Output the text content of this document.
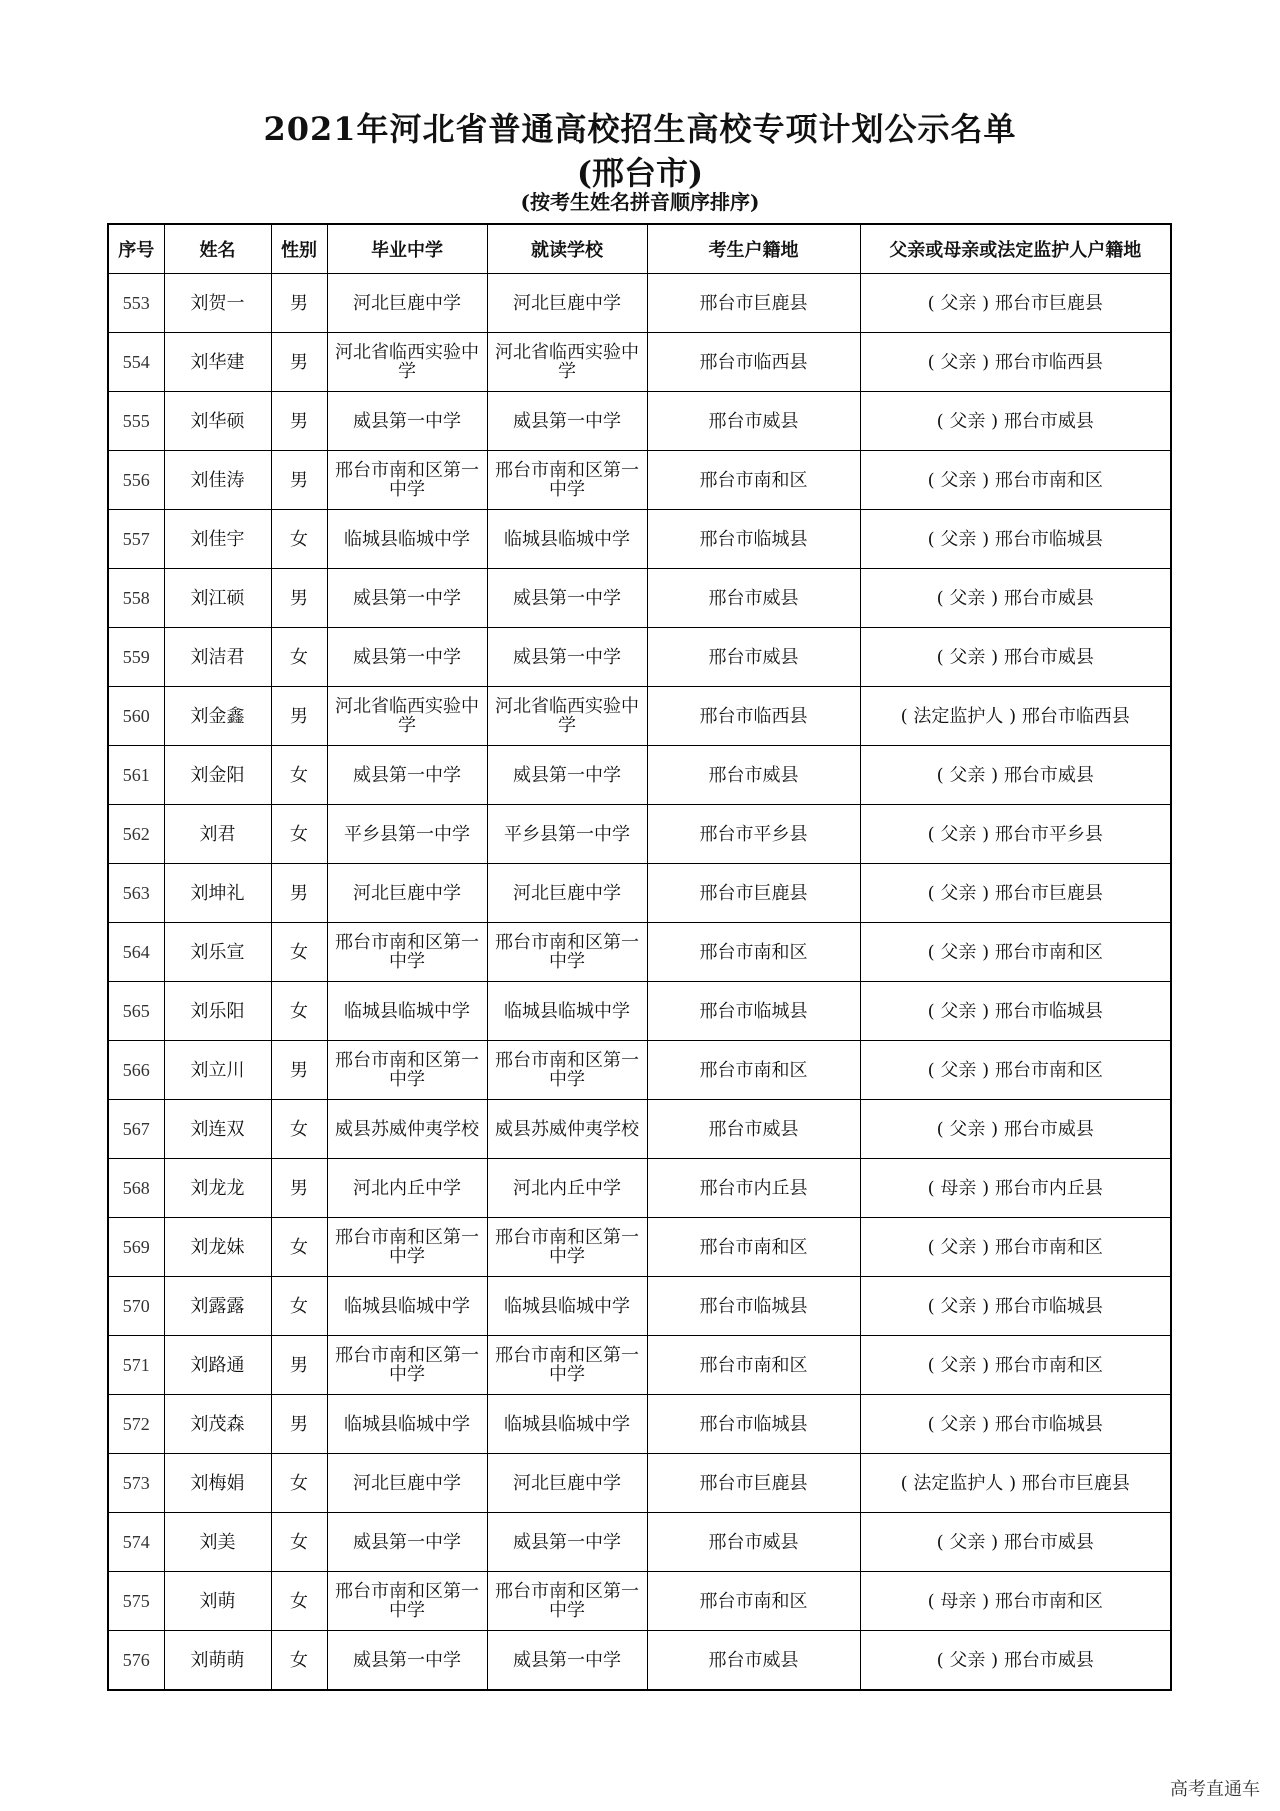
2021年河北省普通高校招生高校专项计划公示名单
(邢台市)
(按考生姓名拼音顺序排序)
序号	姓名	性别	毕业中学	就读学校	考生户籍地	父亲或母亲或法定监护人户籍地
553	刘贺一	男	河北巨鹿中学	河北巨鹿中学	邢台市巨鹿县	( 父亲 ) 邢台市巨鹿县
554	刘华建	男	河北省临西实验中学	河北省临西实验中学	邢台市临西县	( 父亲 ) 邢台市临西县
555	刘华硕	男	威县第一中学	威县第一中学	邢台市威县	( 父亲 ) 邢台市威县
556	刘佳涛	男	邢台市南和区第一中学	邢台市南和区第一中学	邢台市南和区	( 父亲 ) 邢台市南和区
557	刘佳宇	女	临城县临城中学	临城县临城中学	邢台市临城县	( 父亲 ) 邢台市临城县
558	刘江硕	男	威县第一中学	威县第一中学	邢台市威县	( 父亲 ) 邢台市威县
559	刘洁君	女	威县第一中学	威县第一中学	邢台市威县	( 父亲 ) 邢台市威县
560	刘金鑫	男	河北省临西实验中学	河北省临西实验中学	邢台市临西县	( 法定监护人 ) 邢台市临西县
561	刘金阳	女	威县第一中学	威县第一中学	邢台市威县	( 父亲 ) 邢台市威县
562	刘君	女	平乡县第一中学	平乡县第一中学	邢台市平乡县	( 父亲 ) 邢台市平乡县
563	刘坤礼	男	河北巨鹿中学	河北巨鹿中学	邢台市巨鹿县	( 父亲 ) 邢台市巨鹿县
564	刘乐宣	女	邢台市南和区第一中学	邢台市南和区第一中学	邢台市南和区	( 父亲 ) 邢台市南和区
565	刘乐阳	女	临城县临城中学	临城县临城中学	邢台市临城县	( 父亲 ) 邢台市临城县
566	刘立川	男	邢台市南和区第一中学	邢台市南和区第一中学	邢台市南和区	( 父亲 ) 邢台市南和区
567	刘连双	女	威县苏威仲夷学校	威县苏威仲夷学校	邢台市威县	( 父亲 ) 邢台市威县
568	刘龙龙	男	河北内丘中学	河北内丘中学	邢台市内丘县	( 母亲 ) 邢台市内丘县
569	刘龙妹	女	邢台市南和区第一中学	邢台市南和区第一中学	邢台市南和区	( 父亲 ) 邢台市南和区
570	刘露露	女	临城县临城中学	临城县临城中学	邢台市临城县	( 父亲 ) 邢台市临城县
571	刘路通	男	邢台市南和区第一中学	邢台市南和区第一中学	邢台市南和区	( 父亲 ) 邢台市南和区
572	刘茂森	男	临城县临城中学	临城县临城中学	邢台市临城县	( 父亲 ) 邢台市临城县
573	刘梅娟	女	河北巨鹿中学	河北巨鹿中学	邢台市巨鹿县	( 法定监护人 ) 邢台市巨鹿县
574	刘美	女	威县第一中学	威县第一中学	邢台市威县	( 父亲 ) 邢台市威县
575	刘萌	女	邢台市南和区第一中学	邢台市南和区第一中学	邢台市南和区	( 母亲 ) 邢台市南和区
576	刘萌萌	女	威县第一中学	威县第一中学	邢台市威县	( 父亲 ) 邢台市威县
高考直通车
